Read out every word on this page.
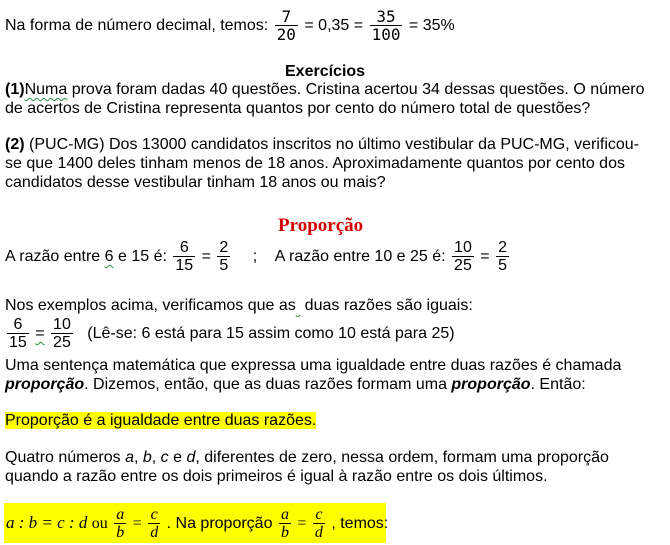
Na forma de número decimal, temos: $\frac{7}{20} = 0,35 = \frac{35}{100} = 35\%$
Exercícios
(1)Numa prova foram dadas 40 questões. Cristina acertou 34 dessas questões. O número
de acertos de Cristina representa quantos por cento do número total de questões?
(2) (PUC-MG) Dos 13000 candidatos inscritos no último vestibular da PUC-MG, verificou-
se que 1400 deles tinham menos de 18 anos. Aproximadamente quantos por cento dos
candidatos desse vestibular tinham 18 anos ou mais?
Proporção
A razão entre 6 e 15 é: $\frac{6}{15} = \frac{2}{5}$ ; A razão entre 10 e 25 é: $\frac{10}{25} = \frac{2}{5}$
Nos exemplos acima, verificamos que as  duas razões são iguais:
$\frac{6}{15} = \frac{10}{25}$ (Lê-se: 6 está para 15 assim como 10 está para 25)
Uma sentença matemática que expressa uma igualdade entre duas razões é chamada
proporção. Dizemos, então, que as duas razões formam uma proporção. Então:
Proporção é a igualdade entre duas razões.
Quatro números a, b, c e d, diferentes de zero, nessa ordem, formam uma proporção
quando a razão entre os dois primeiros é igual à razão entre os dois últimos.
a : b = c : d ou $\frac{a}{b} = \frac{c}{d}$ . Na proporção $\frac{a}{b} = \frac{c}{d}$ , temos:
